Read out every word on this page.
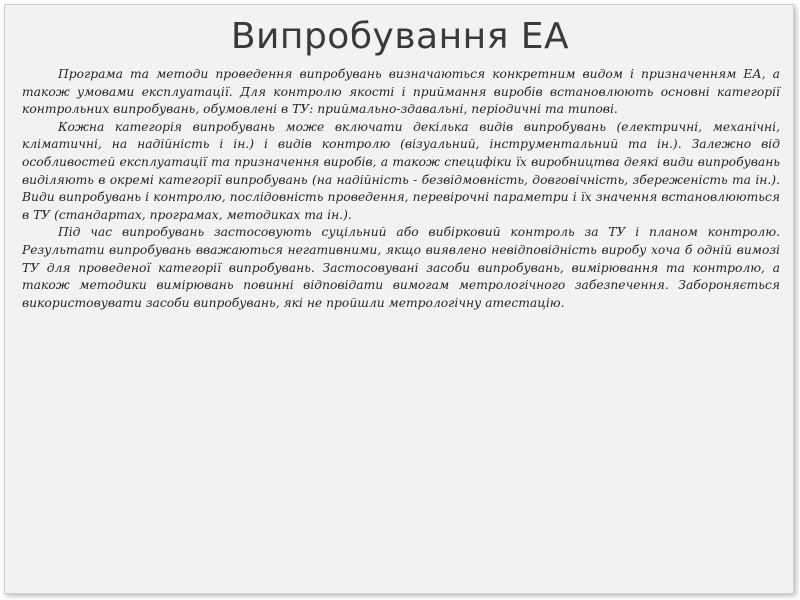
Випробування ЕА

Програма та методи проведення випробувань визначаються конкретним видом і призначенням ЕА, а також умовами експлуатації. Для контролю якості і приймання виробів встановлюють основні категорії контрольних випробувань, обумовлені в ТУ: приймально-здавальні, періодичні та типові.

Кожна категорія випробувань може включати декілька видів випробувань (електричні, механічні, кліматичні, на надійність і ін.) і видів контролю (візуальний, інструментальний та ін.). Залежно від особливостей експлуатації та призначення виробів, а також специфіки їх виробництва деякі види випробувань виділяють в окремі категорії випробувань (на надійність - безвідмовність, довговічність, збереженість та ін.). Види випробувань і контролю, послідовність проведення, перевірочні параметри і їх значення встановлюються в ТУ (стандартах, програмах, методиках та ін.).

Під час випробувань застосовують суцільний або вибірковий контроль за ТУ і планом контролю. Результати випробувань вважаються негативними, якщо виявлено невідповідність виробу хоча б одній вимозі ТУ для проведеної категорії випробувань. Застосовувані засоби випробувань, вимірювання та контролю, а також методики вимірювань повинні відповідати вимогам метрологічного забезпечення. Забороняється використовувати засоби випробувань, які не пройшли метрологічну атестацію.
